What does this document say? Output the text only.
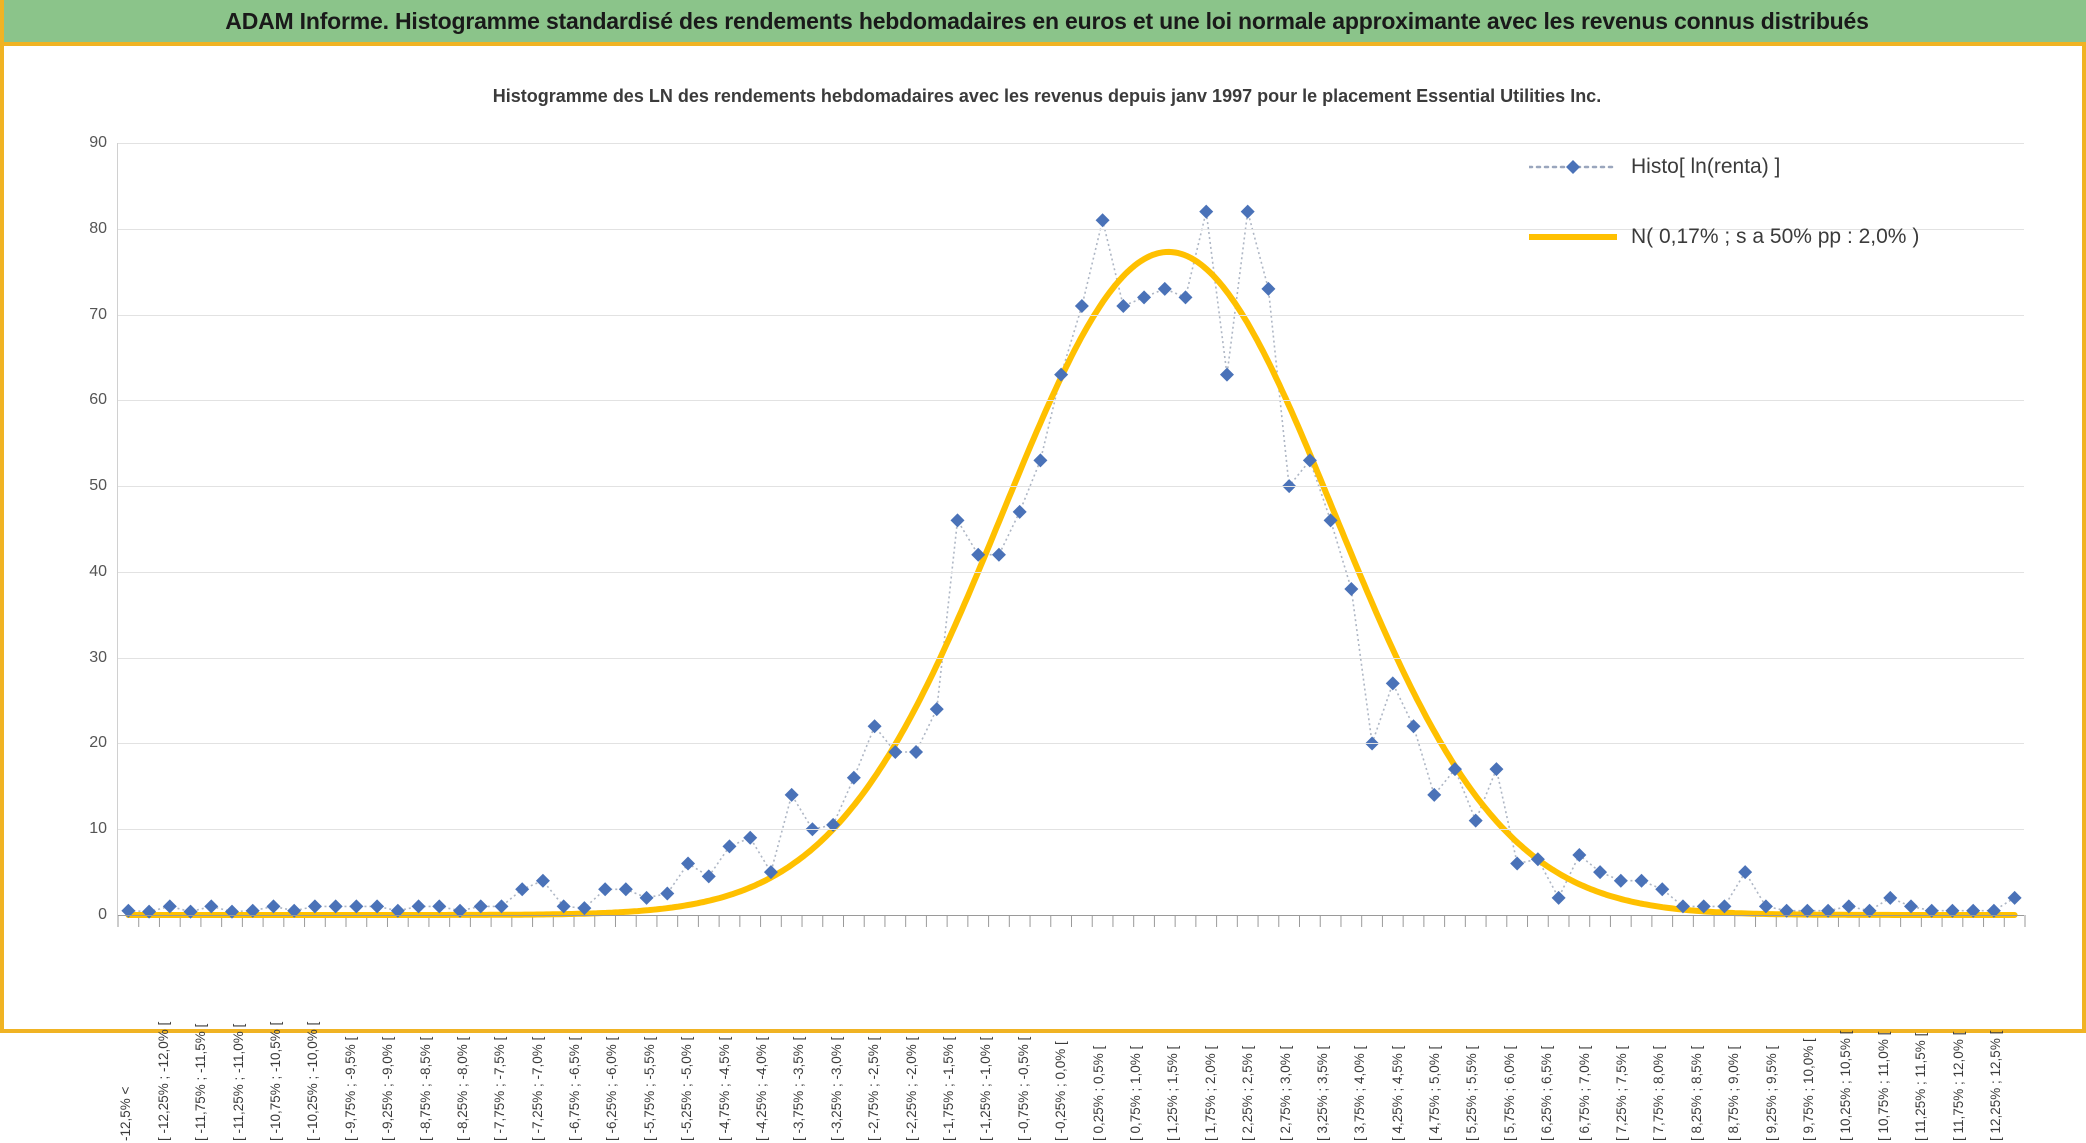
ADAM Informe. Histogramme standardisé des rendements hebdomadaires en euros et une loi normale approximante avec les revenus connus distribués
Histogramme des LN des rendements hebdomadaires avec les revenus depuis janv 1997 pour le placement Essential Utilities Inc.
0
10
20
30
40
50
60
70
80
90
-12,5% < [ -12,25% ; -12,0% [ [ -11,75% ; -11,5% [ [ -11,25% ; -11,0% [ [ -10,75% ; -10,5% [ [ -10,25% ; -10,0% [ [ -9,75% ; -9,5% [ [ -9,25% ; -9,0% [ [ -8,75% ; -8,5% [ [ -8,25% ; -8,0% [ [ -7,75% ; -7,5% [ [ -7,25% ; -7,0% [ [ -6,75% ; -6,5% [ [ -6,25% ; -6,0% [ [ -5,75% ; -5,5% [ [ -5,25% ; -5,0% [ [ -4,75% ; -4,5% [ [ -4,25% ; -4,0% [ [ -3,75% ; -3,5% [ [ -3,25% ; -3,0% [ [ -2,75% ; -2,5% [ [ -2,25% ; -2,0% [ [ -1,75% ; -1,5% [ [ -1,25% ; -1,0% [ [ -0,75% ; -0,5% [ [ -0,25% ; 0,0% [ [ 0,25% ; 0,5% [ [ 0,75% ; 1,0% [ [ 1,25% ; 1,5% [ [ 1,75% ; 2,0% [ [ 2,25% ; 2,5% [ [ 2,75% ; 3,0% [ [ 3,25% ; 3,5% [ [ 3,75% ; 4,0% [ [ 4,25% ; 4,5% [ [ 4,75% ; 5,0% [ [ 5,25% ; 5,5% [ [ 5,75% ; 6,0% [ [ 6,25% ; 6,5% [ [ 6,75% ; 7,0% [ [ 7,25% ; 7,5% [ [ 7,75% ; 8,0% [ [ 8,25% ; 8,5% [ [ 8,75% ; 9,0% [ [ 9,25% ; 9,5% [ [ 9,75% ; 10,0% [ [ 10,25% ; 10,5% [ [ 10,75% ; 11,0% [ [ 11,25% ; 11,5% [ [ 11,75% ; 12,0% [ [ 12,25% ; 12,5% [
Histo[ ln(renta) ]
N( 0,17% ; s a 50% pp : 2,0% )
